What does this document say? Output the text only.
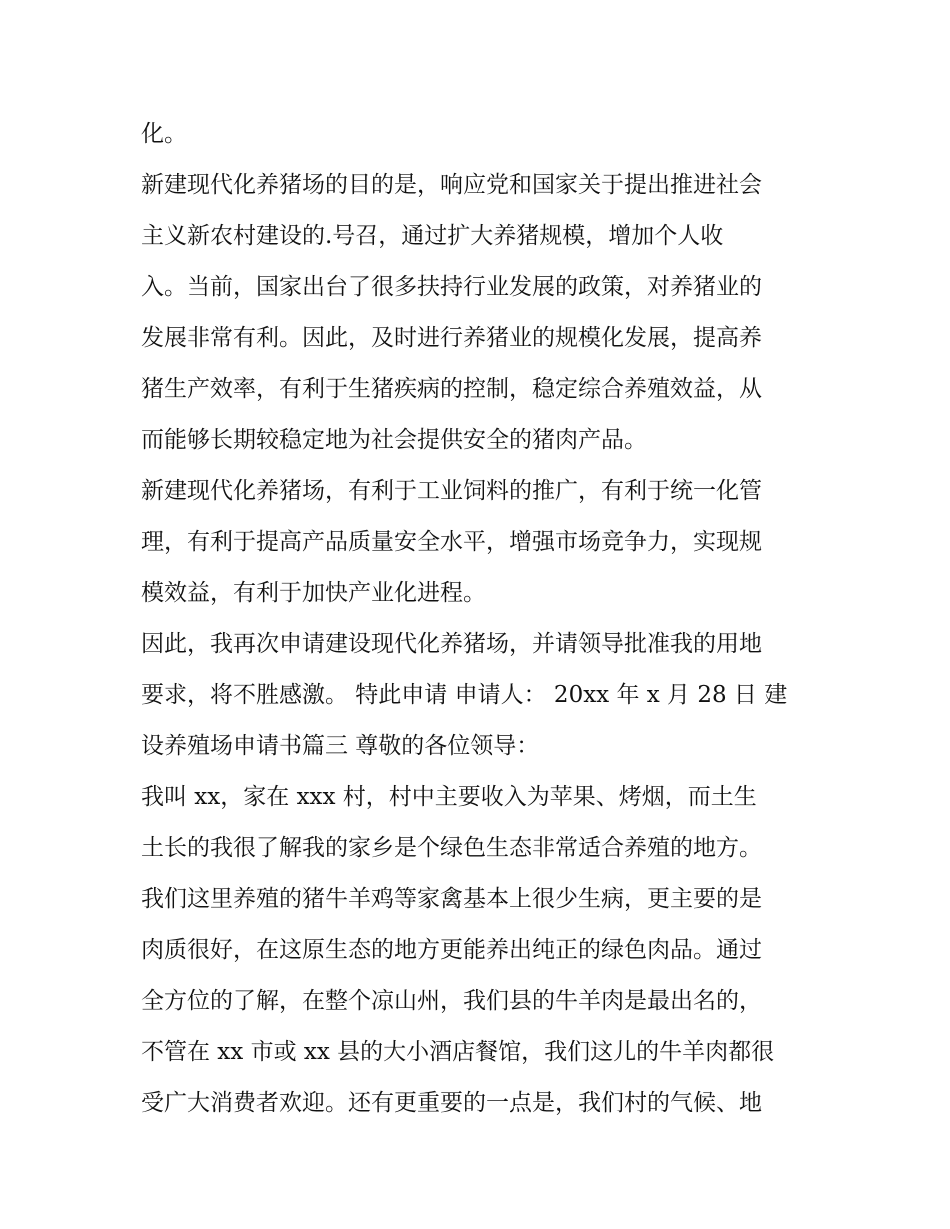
化。
新建现代化养猪场的目的是，响应党和国家关于提出推进社会
主义新农村建设的.号召，通过扩大养猪规模，增加个人收
入。当前，国家出台了很多扶持行业发展的政策，对养猪业的
发展非常有利。因此，及时进行养猪业的规模化发展，提高养
猪生产效率，有利于生猪疾病的控制，稳定综合养殖效益，从
而能够长期较稳定地为社会提供安全的猪肉产品。
新建现代化养猪场，有利于工业饲料的推广，有利于统一化管
理，有利于提高产品质量安全水平，增强市场竞争力，实现规
模效益，有利于加快产业化进程。
因此，我再次申请建设现代化养猪场，并请领导批准我的用地
要求，将不胜感激。 特此申请 申请人： 20xx 年 x 月 28 日 建
设养殖场申请书篇三 尊敬的各位领导：
我叫 xx，家在 xxx 村，村中主要收入为苹果、烤烟，而土生
土长的我很了解我的家乡是个绿色生态非常适合养殖的地方。
我们这里养殖的猪牛羊鸡等家禽基本上很少生病，更主要的是
肉质很好，在这原生态的地方更能养出纯正的绿色肉品。通过
全方位的了解，在整个凉山州，我们县的牛羊肉是最出名的，
不管在 xx 市或 xx 县的大小酒店餐馆，我们这儿的牛羊肉都很
受广大消费者欢迎。还有更重要的一点是，我们村的气候、地
